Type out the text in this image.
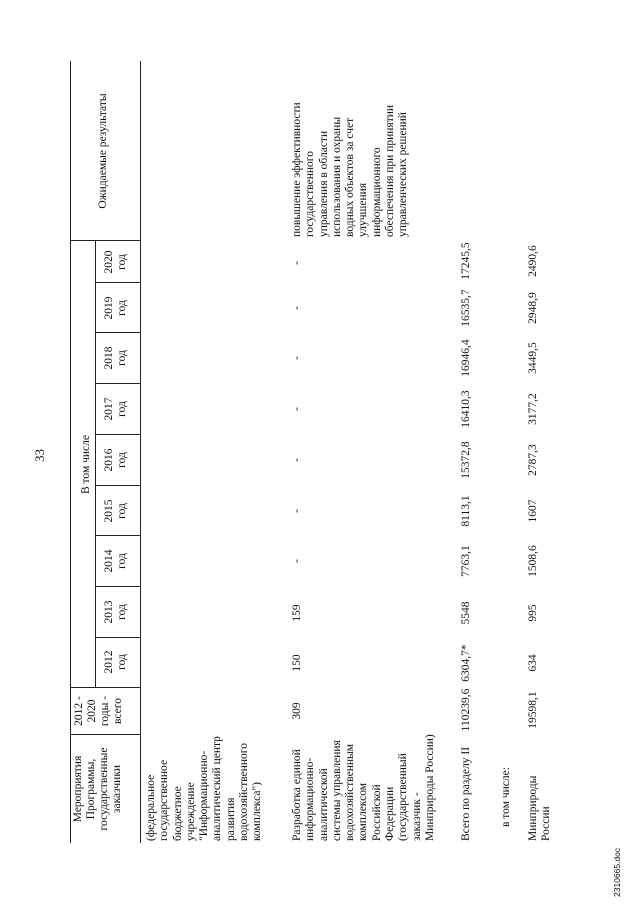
33
Мероприятия Программы, государственные заказчики
2012 - 2020 годы - всего
В том числе
2012 год
2013 год
2014 год
2015 год
2016 год
2017 год
2018 год
2019 год
2020 год
Ожидаемые результаты
(федеральное
государственное
бюджетное
учреждение
"Информационно-
аналитический центр
развития
водохозяйственного
комплекса") Разработка единой
информационно-
аналитической
системы управления
водохозяйственным
комплексом
Российской
Федерации
(государственный
заказчик -
Минприроды России)
309
150
159
-
-
-
-
-
-
-
повышение эффективности
государственного
управления в области
использования и охраны
водных объектов за счет
улучшения
информационного
обеспечения при принятии
управленческих решений
Всего по разделу II
110239,6
6304,7*
5548
7763,1
8113,1
15372,8
16410,3
16946,4
16535,7
17245,5
в том числе: Минприроды
России
19598,1
634
995
1508,6
1607
2787,3
3177,2
3449,5
2948,9
2490,6
2310665.doc
